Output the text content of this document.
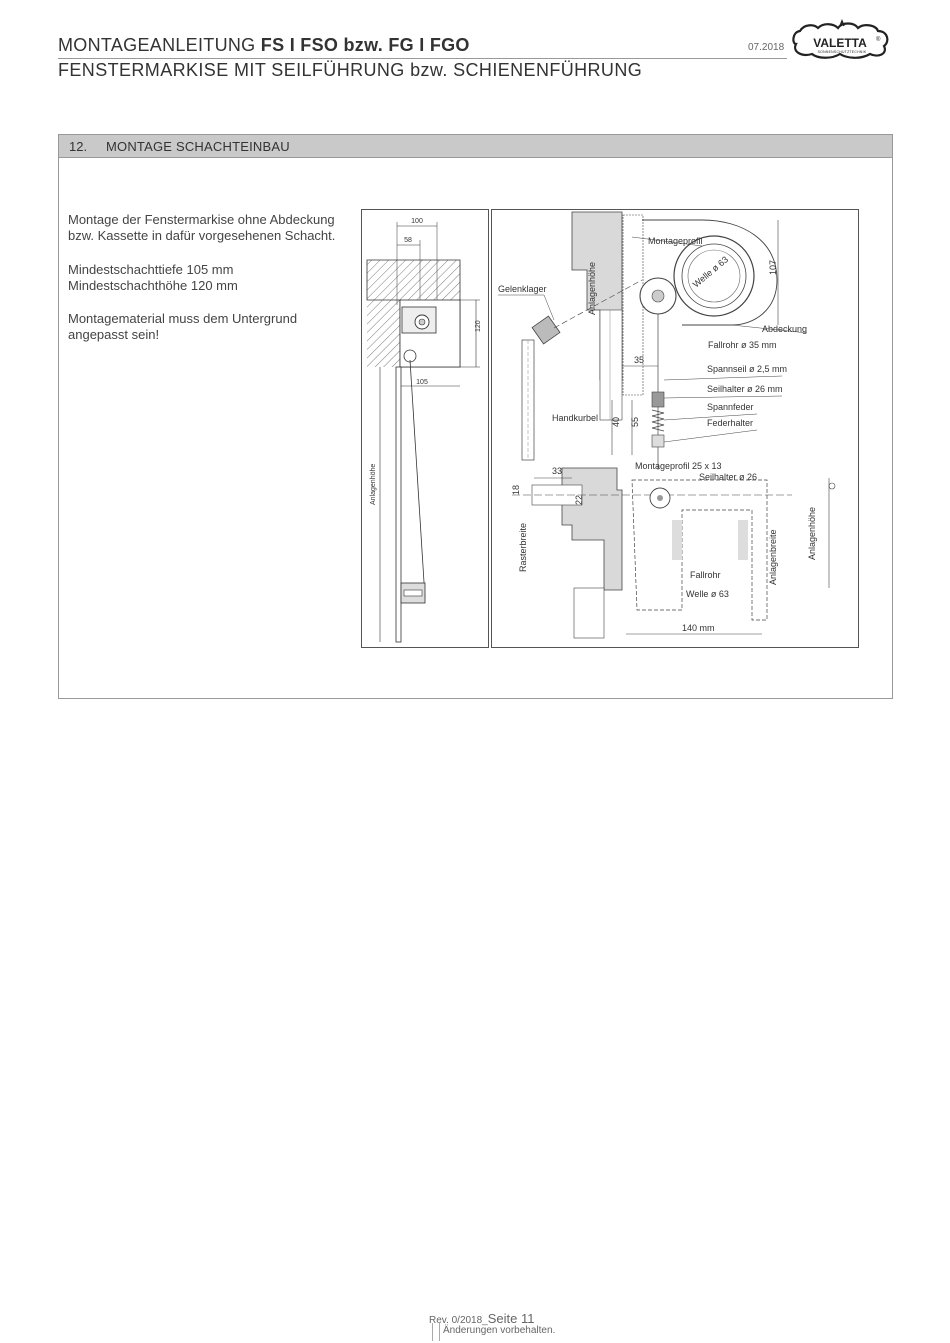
MONTAGEANLEITUNG FS I FSO bzw. FG I FGO
FENSTERMARKISE MIT SEILFÜHRUNG bzw. SCHIENENFÜHRUNG
07.2018 VALETTA ®
SONNENSCHUTZTECHNIK
12. MONTAGE SCHACHTEINBAU
Montage der Fenstermarkise ohne Abdeckung bzw. Kassette in dafür vorgesehenen Schacht.
Mindestschachttiefe 105 mm
Mindestschachthöhe 120 mm
Montagematerial muss dem Untergrund angepasst sein!
100
58
120
105
Anlagenhöhe
Montageprofil
Welle ø 63
Gelenklager	Anlagenhöhe
Handkurbel
107
Abdeckung
Fallrohr ø 35 mm
35
Spannseil ø 2,5 mm
Seilhalter ø 26 mm
Spannfeder
Federhalter
40 55
33
18
22
Montageprofil 25 x 13
Seilhalter ø 26
Rasterbreite	Anlagenbreite	Anlagenhöhe
Fallrohr
Welle ø 63
140 mm
Rev. 0/2018_Seite 11
Änderungen vorbehalten.
